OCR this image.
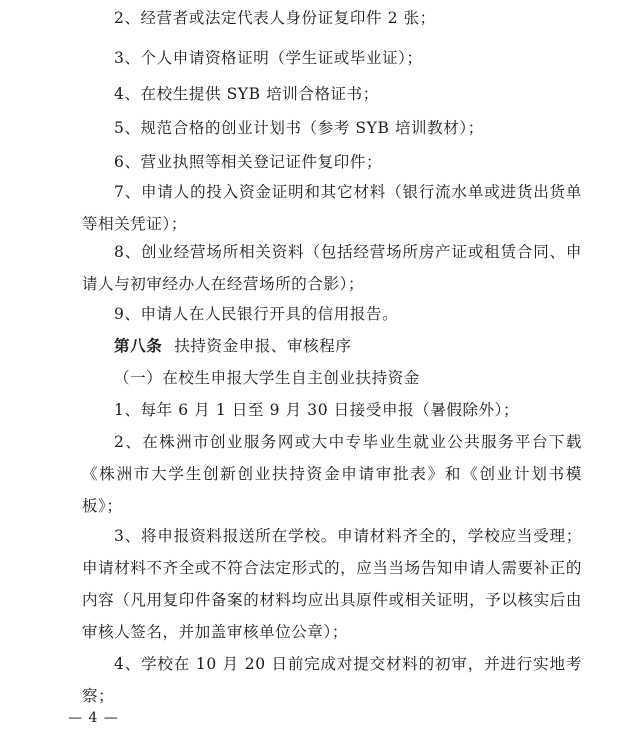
2、经营者或法定代表人身份证复印件 2 张；

3、个人申请资格证明（学生证或毕业证）；

4、在校生提供 SYB 培训合格证书；

5、规范合格的创业计划书（参考 SYB 培训教材）；

6、营业执照等相关登记证件复印件；

7、申请人的投入资金证明和其它材料（银行流水单或进货出货单等相关凭证）；

8、创业经营场所相关资料（包括经营场所房产证或租赁合同、申请人与初审经办人在经营场所的合影）；

9、申请人在人民银行开具的信用报告。

第八条 扶持资金申报、审核程序

（一）在校生申报大学生自主创业扶持资金

1、每年 6 月 1 日至 9 月 30 日接受申报（暑假除外）；

2、在株洲市创业服务网或大中专毕业生就业公共服务平台下载《株洲市大学生创新创业扶持资金申请审批表》和《创业计划书模板》；

3、将申报资料报送所在学校。申请材料齐全的，学校应当受理；申请材料不齐全或不符合法定形式的，应当当场告知申请人需要补正的内容（凡用复印件备案的材料均应出具原件或相关证明，予以核实后由审核人签名，并加盖审核单位公章）；

4、学校在 10 月 20 日前完成对提交材料的初审，并进行实地考察；

— 4 —
